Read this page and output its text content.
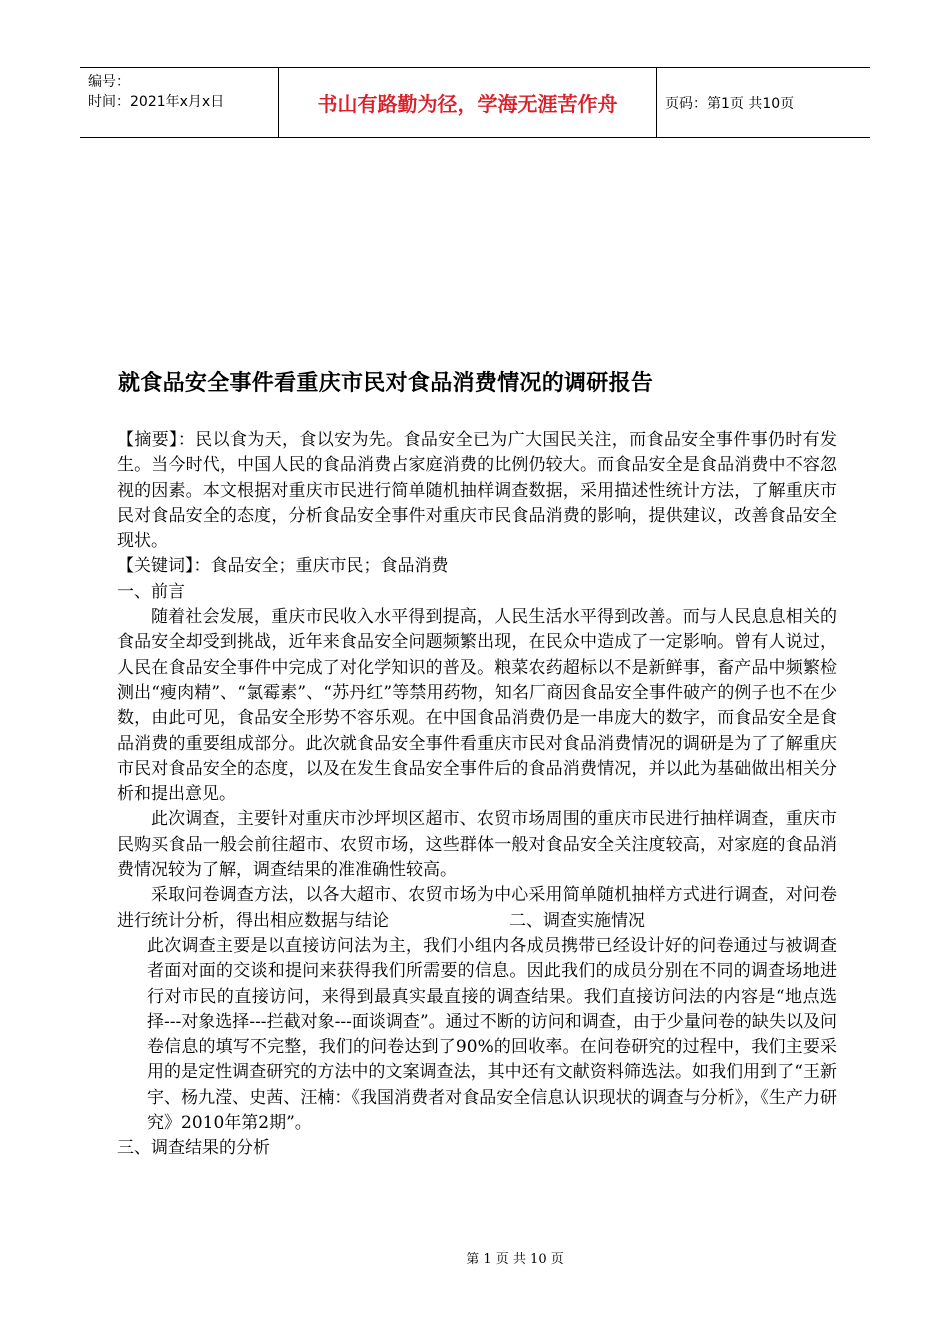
编号：
时间：2021年x月x日	书山有路勤为径，学海无涯苦作舟	页码：第1页 共10页
就食品安全事件看重庆市民对食品消费情况的调研报告

【摘要】：民以食为天，食以安为先。食品安全已为广大国民关注，而食品安全事件事仍时有发生。当今时代，中国人民的食品消费占家庭消费的比例仍较大。而食品安全是食品消费中不容忽视的因素。本文根据对重庆市民进行简单随机抽样调查数据，采用描述性统计方法，了解重庆市民对食品安全的态度，分析食品安全事件对重庆市民食品消费的影响，提供建议，改善食品安全现状。

【关键词】：食品安全；重庆市民；食品消费

一、前言

随着社会发展，重庆市民收入水平得到提高，人民生活水平得到改善。而与人民息息相关的食品安全却受到挑战，近年来食品安全问题频繁出现，在民众中造成了一定影响。曾有人说过，人民在食品安全事件中完成了对化学知识的普及。粮菜农药超标以不是新鲜事，畜产品中频繁检测出“瘦肉精”、“氯霉素”、“苏丹红”等禁用药物，知名厂商因食品安全事件破产的例子也不在少数，由此可见，食品安全形势不容乐观。在中国食品消费仍是一串庞大的数字，而食品安全是食品消费的重要组成部分。此次就食品安全事件看重庆市民对食品消费情况的调研是为了了解重庆市民对食品安全的态度，以及在发生食品安全事件后的食品消费情况，并以此为基础做出相关分析和提出意见。

此次调查，主要针对重庆市沙坪坝区超市、农贸市场周围的重庆市民进行抽样调查，重庆市民购买食品一般会前往超市、农贸市场，这些群体一般对食品安全关注度较高，对家庭的食品消费情况较为了解，调查结果的准准确性较高。

采取问卷调查方法，以各大超市、农贸市场为中心采用简单随机抽样方式进行调查，对问卷进行统计分析，得出相应数据与结论	二、调查实施情况

此次调查主要是以直接访问法为主，我们小组内各成员携带已经设计好的问卷通过与被调查者面对面的交谈和提问来获得我们所需要的信息。因此我们的成员分别在不同的调查场地进行对市民的直接访问，来得到最真实最直接的调查结果。我们直接访问法的内容是“地点选择---对象选择---拦截对象---面谈调查”。通过不断的访问和调查，由于少量问卷的缺失以及问卷信息的填写不完整，我们的问卷达到了90%的回收率。在问卷研究的过程中，我们主要采用的是定性调查研究的方法中的文案调查法，其中还有文献资料筛选法。如我们用到了“王新宇、杨九滢、史茜、汪楠：《我国消费者对食品安全信息认识现状的调查与分析》，《生产力研究》2010年第2期”。

三、调查结果的分析

第 1 页 共 10 页
